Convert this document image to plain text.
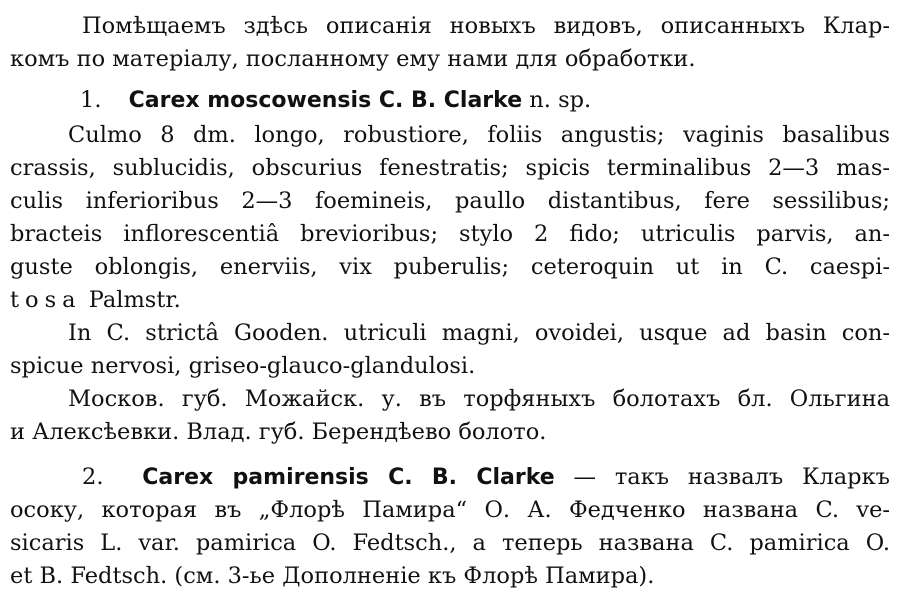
Помѣщаемъ здѣсь описанія новыхъ видовъ, описанныхъ Клар-

комъ по матеріалу, посланному ему нами для обработки.

1. Carex moscowensis C. B. Clarke n. sp.

Culmo 8 dm. longo, robustiore, foliis angustis; vaginis basalibus

crassis, sublucidis, obscurius fenestratis; spicis terminalibus 2—3 mas-

culis inferioribus 2—3 foemineis, paullo distantibus, fere sessilibus;

bracteis inflorescentiâ brevioribus; stylo 2 fido; utriculis parvis, an-

guste oblongis, enerviis, vix puberulis; ceteroquin ut in C. caespi-

tosa Palmstr.

In C. strictâ Gooden. utriculi magni, ovoidei, usque ad basin con-

spicue nervosi, griseo-glauco-glandulosi.

Москов. губ. Можайск. у. въ торфяныхъ болотахъ бл. Ольгина

и Алексѣевки. Влад. губ. Берендѣево болото.

2. Carex pamirensis C. B. Clarke — такъ назвалъ Кларкъ

осоку, которая въ „Флорѣ Памира“ О. А. Федченко названа C. ve-

sicaris L. var. pamirica O. Fedtsch., а теперь названа C. pamirica O.

et B. Fedtsch. (см. 3-ье Дополненіе къ Флорѣ Памира).
